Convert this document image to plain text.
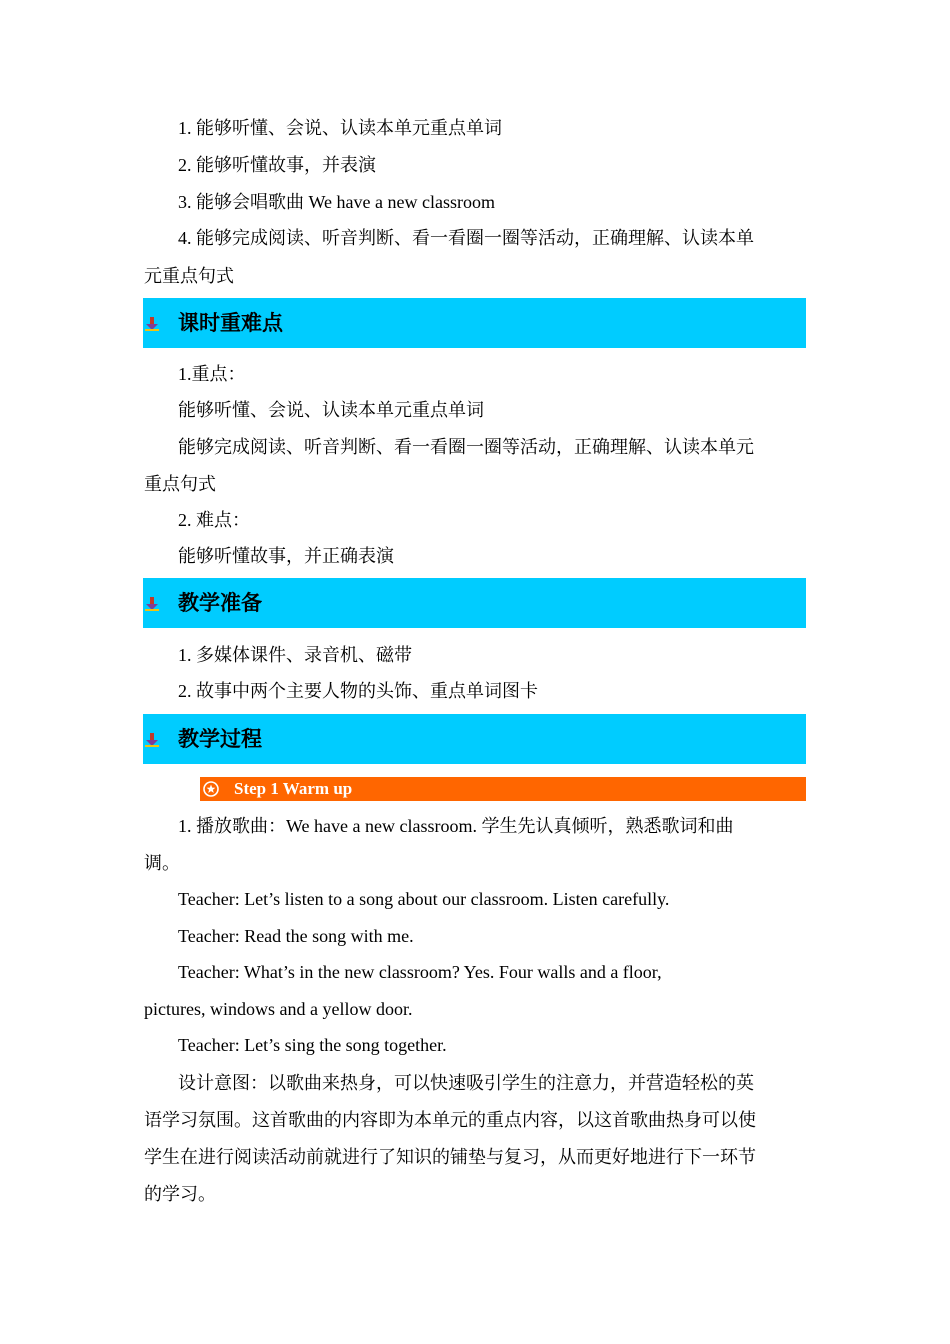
1. 能够听懂、会说、认读本单元重点单词
2. 能够听懂故事，并表演
3. 能够会唱歌曲 We have a new classroom
4. 能够完成阅读、听音判断、看一看圈一圈等活动，正确理解、认读本单
元重点句式
课时重难点
1.重点：
能够听懂、会说、认读本单元重点单词
能够完成阅读、听音判断、看一看圈一圈等活动，正确理解、认读本单元
重点句式
2. 难点：
能够听懂故事，并正确表演
教学准备
1. 多媒体课件、录音机、磁带
2. 故事中两个主要人物的头饰、重点单词图卡
教学过程
Step 1 Warm up
1. 播放歌曲：We have a new classroom. 学生先认真倾听，熟悉歌词和曲
调。
Teacher: Let’s listen to a song about our classroom. Listen carefully.
Teacher: Read the song with me.
Teacher: What’s in the new classroom? Yes. Four walls and a floor,
pictures, windows and a yellow door.
Teacher: Let’s sing the song together.
设计意图：以歌曲来热身，可以快速吸引学生的注意力，并营造轻松的英
语学习氛围。这首歌曲的内容即为本单元的重点内容，以这首歌曲热身可以使
学生在进行阅读活动前就进行了知识的铺垫与复习，从而更好地进行下一环节
的学习。
